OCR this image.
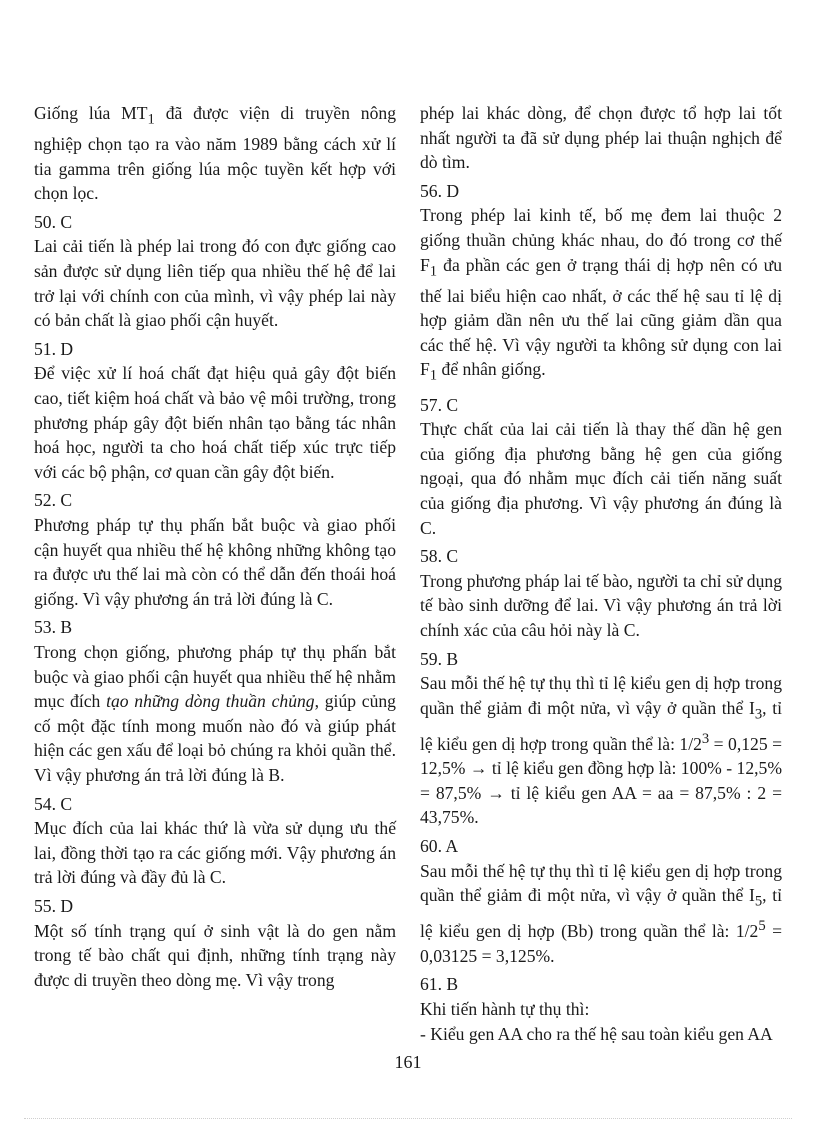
Giống lúa $MT_1$ đã được viện di truyền nông nghiệp chọn tạo ra vào năm 1989 bằng cách xử lí tia gamma trên giống lúa mộc tuyền kết hợp với chọn lọc.

50. C

Lai cải tiến là phép lai trong đó con đực giống cao sản được sử dụng liên tiếp qua nhiều thế hệ để lai trở lại với chính con của mình, vì vậy phép lai này có bản chất là giao phối cận huyết.

51. D

Để việc xử lí hoá chất đạt hiệu quả gây đột biến cao, tiết kiệm hoá chất và bảo vệ môi trường, trong phương pháp gây đột biến nhân tạo bằng tác nhân hoá học, người ta cho hoá chất tiếp xúc trực tiếp với các bộ phận, cơ quan cần gây đột biến.

52. C

Phương pháp tự thụ phấn bắt buộc và giao phối cận huyết qua nhiều thế hệ không những không tạo ra được ưu thế lai mà còn có thể dẫn đến thoái hoá giống. Vì vậy phương án trả lời đúng là C.

53. B

Trong chọn giống, phương pháp tự thụ phấn bắt buộc và giao phối cận huyết qua nhiều thế hệ nhằm mục đích tạo những dòng thuần chủng, giúp củng cố một đặc tính mong muốn nào đó và giúp phát hiện các gen xấu để loại bỏ chúng ra khỏi quần thể. Vì vậy phương án trả lời đúng là B.

54. C

Mục đích của lai khác thứ là vừa sử dụng ưu thế lai, đồng thời tạo ra các giống mới. Vậy phương án trả lời đúng và đầy đủ là C.

55. D

Một số tính trạng quí ở sinh vật là do gen nằm trong tế bào chất qui định, những tính trạng này được di truyền theo dòng mẹ. Vì vậy trong

phép lai khác dòng, để chọn được tổ hợp lai tốt nhất người ta đã sử dụng phép lai thuận nghịch để dò tìm.

56. D

Trong phép lai kinh tế, bố mẹ đem lai thuộc 2 giống thuần chủng khác nhau, do đó trong cơ thế $F_1$ đa phần các gen ở trạng thái dị hợp nên có ưu thế lai biểu hiện cao nhất, ở các thế hệ sau tỉ lệ dị hợp giảm dần nên ưu thế lai cũng giảm dần qua các thế hệ. Vì vậy người ta không sử dụng con lai $F_1$ để nhân giống.

57. C

Thực chất của lai cải tiến là thay thế dần hệ gen của giống địa phương bằng hệ gen của giống ngoại, qua đó nhằm mục đích cải tiến năng suất của giống địa phương. Vì vậy phương án đúng là C.

58. C

Trong phương pháp lai tế bào, người ta chỉ sử dụng tế bào sinh dưỡng để lai. Vì vậy phương án trả lời chính xác của câu hỏi này là C.

59. B

Sau mỗi thế hệ tự thụ thì tỉ lệ kiểu gen dị hợp trong quần thể giảm đi một nửa, vì vậy ở quần thể $I_3$, tỉ lệ kiểu gen dị hợp trong quần thể là: $1/2^3 = 0,125 = 12,5\%$ → tỉ lệ kiểu gen đồng hợp là: 100% - 12,5% = 87,5% → tỉ lệ kiểu gen AA = aa = 87,5% : 2 = 43,75%.

60. A

Sau mỗi thế hệ tự thụ thì tỉ lệ kiểu gen dị hợp trong quần thể giảm đi một nửa, vì vậy ở quần thể $I_5$, tỉ lệ kiểu gen dị hợp (Bb) trong quần thể là: $1/2^5 = 0,03125 = 3,125\%$.

61. B

Khi tiến hành tự thụ thì:

- Kiểu gen AA cho ra thế hệ sau toàn kiểu gen AA

161
